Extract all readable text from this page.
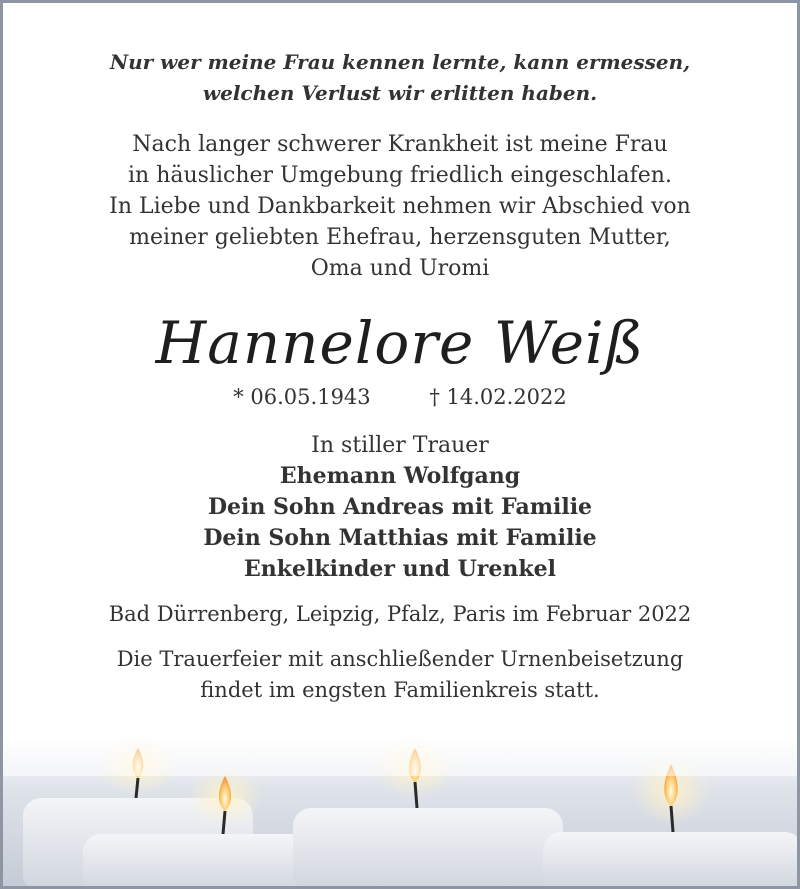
Nur wer meine Frau kennen lernte, kann ermessen,
welchen Verlust wir erlitten haben.
Nach langer schwerer Krankheit ist meine Frau
in häuslicher Umgebung friedlich eingeschlafen.
In Liebe und Dankbarkeit nehmen wir Abschied von
meiner geliebten Ehefrau, herzensguten Mutter,
Oma und Uromi
Hannelore Weiß
* 06.05.1943	† 14.02.2022
In stiller Trauer
Ehemann Wolfgang
Dein Sohn Andreas mit Familie
Dein Sohn Matthias mit Familie
Enkelkinder und Urenkel
Bad Dürrenberg, Leipzig, Pfalz, Paris im Februar 2022
Die Trauerfeier mit anschließender Urnenbeisetzung
findet im engsten Familienkreis statt.
